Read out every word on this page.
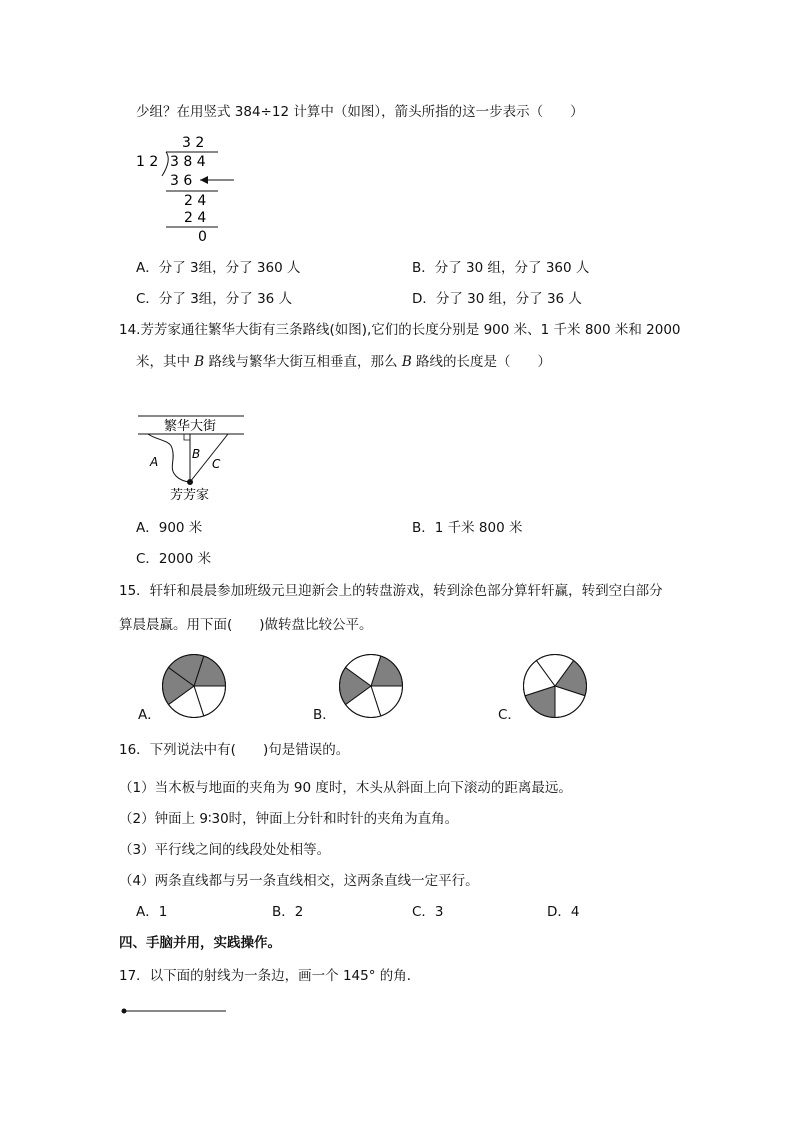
少组？在用竖式 384÷12 计算中（如图），箭头所指的这一步表示（　　）
3 2
1 2 3 8 4
3 6
2 4
2 4
0
A．分了 3组，分了 360 人	B．分了 30 组，分了 360 人
C．分了 3组，分了 36 人	D．分了 30 组，分了 36 人
14.芳芳家通往繁华大街有三条路线(如图),它们的长度分别是 900 米、1 千米 800 米和 2000
米，其中 B 路线与繁华大街互相垂直，那么 B 路线的长度是（　　）
繁华大街
A
B
C
芳芳家
A．900 米	B．1 千米 800 米
C．2000 米
15．轩轩和晨晨参加班级元旦迎新会上的转盘游戏，转到涂色部分算轩轩赢，转到空白部分
算晨晨赢。用下面(　　)做转盘比较公平。
A．	B．	C．
16．下列说法中有(　　)句是错误的。
（1）当木板与地面的夹角为 90 度时，木头从斜面上向下滚动的距离最远。
（2）钟面上 9∶30时，钟面上分针和时针的夹角为直角。
（3）平行线之间的线段处处相等。
（4）两条直线都与另一条直线相交，这两条直线一定平行。
A．1	B．2	C．3	D．4
四、手脑并用，实践操作。
17．以下面的射线为一条边，画一个 145° 的角．
